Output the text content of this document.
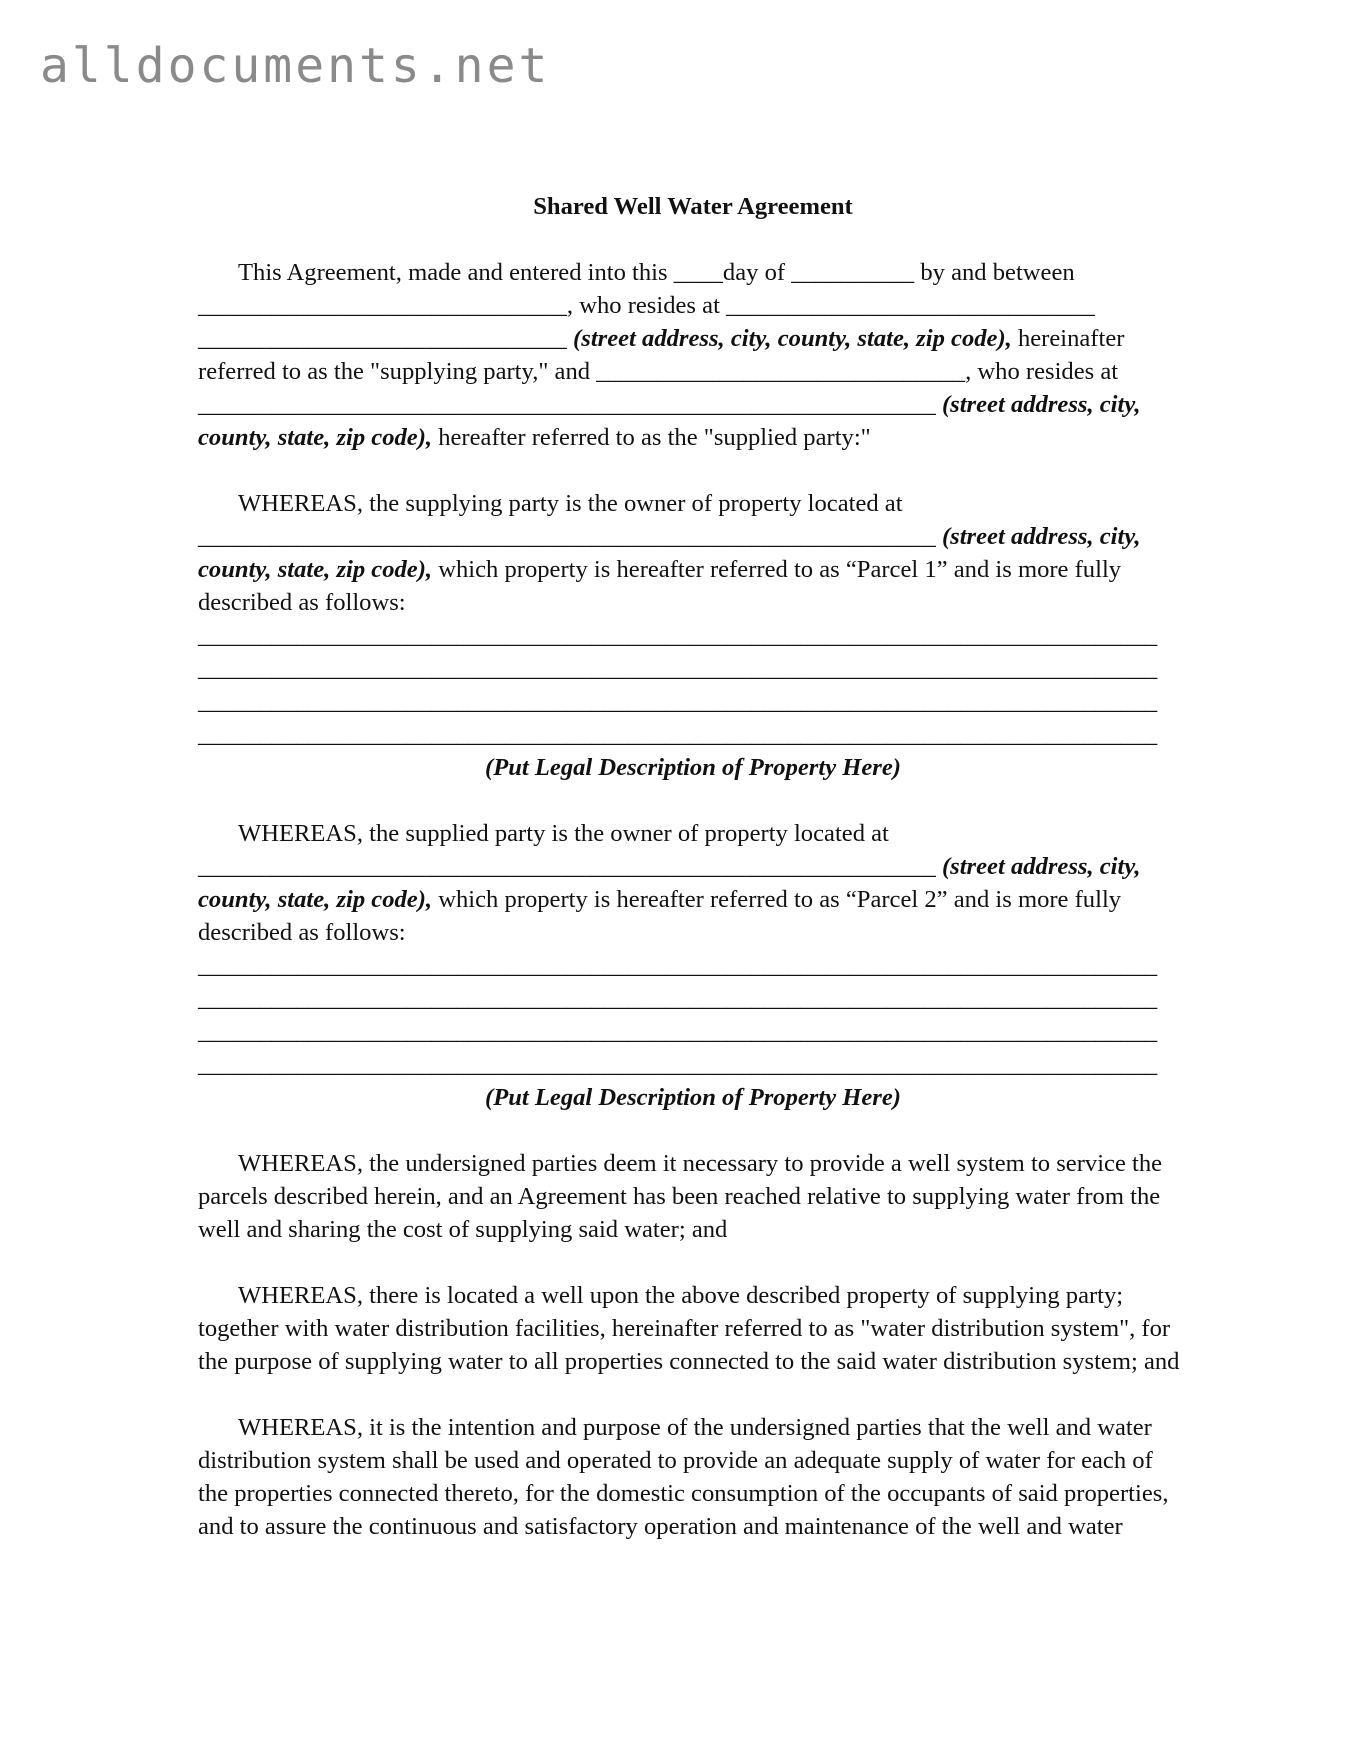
alldocuments.net
Shared Well Water Agreement
This Agreement, made and entered into this ____day of __________ by and between
______________________________, who resides at ______________________________
______________________________ (street address, city, county, state, zip code), hereinafter
referred to as the "supplying party," and ______________________________, who resides at
____________________________________________________________ (street address, city,
county, state, zip code), hereafter referred to as the "supplied party:"
WHEREAS, the supplying party is the owner of property located at
____________________________________________________________ (street address, city,
county, state, zip code), which property is hereafter referred to as “Parcel 1” and is more fully
described as follows:
______________________________________________________________________________
______________________________________________________________________________
______________________________________________________________________________
______________________________________________________________________________
(Put Legal Description of Property Here)
WHEREAS, the supplied party is the owner of property located at
____________________________________________________________ (street address, city,
county, state, zip code), which property is hereafter referred to as “Parcel 2” and is more fully
described as follows:
______________________________________________________________________________
______________________________________________________________________________
______________________________________________________________________________
______________________________________________________________________________
(Put Legal Description of Property Here)
WHEREAS, the undersigned parties deem it necessary to provide a well system to service the
parcels described herein, and an Agreement has been reached relative to supplying water from the
well and sharing the cost of supplying said water; and
WHEREAS, there is located a well upon the above described property of supplying party;
together with water distribution facilities, hereinafter referred to as "water distribution system", for
the purpose of supplying water to all properties connected to the said water distribution system; and
WHEREAS, it is the intention and purpose of the undersigned parties that the well and water
distribution system shall be used and operated to provide an adequate supply of water for each of
the properties connected thereto, for the domestic consumption of the occupants of said properties,
and to assure the continuous and satisfactory operation and maintenance of the well and water
